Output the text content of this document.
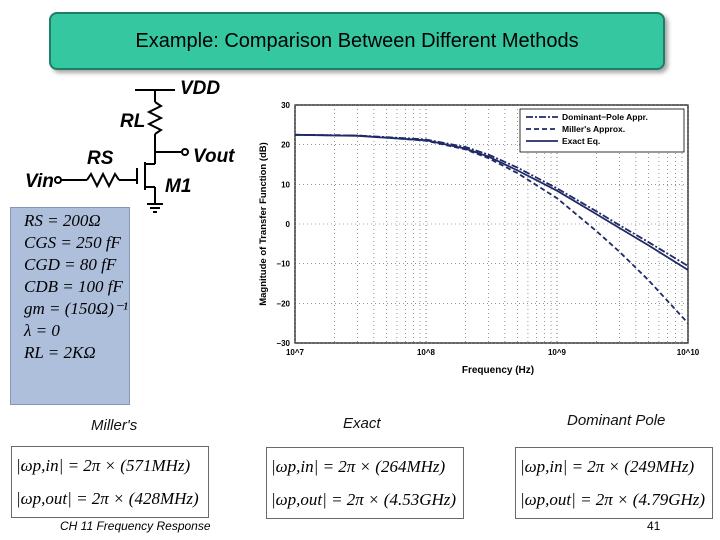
Example: Comparison Between Different Methods
VDD
RL
RS	Vout
Vin	M1
RS = 200Ω
CGS = 250 fF
CGD = 80 fF
CDB = 100 fF
gm = (150Ω)⁻¹
λ = 0
RL = 2KΩ
30
20
10
0
−10
−20
−30
10^7	10^8	10^9	10^10
Dominant−Pole Appr.
Miller's Approx.
Exact Eq.
Frequency (Hz)
Magnitude of Transfer Function (dB)
Miller's	Exact	Dominant Pole
|ωp,in| = 2π × (571MHz)
|ωp,out| = 2π × (428MHz)
|ωp,in| = 2π × (264MHz)
|ωp,out| = 2π × (4.53GHz)
|ωp,in| = 2π × (249MHz)
|ωp,out| = 2π × (4.79GHz)
CH 11 Frequency Response	41
